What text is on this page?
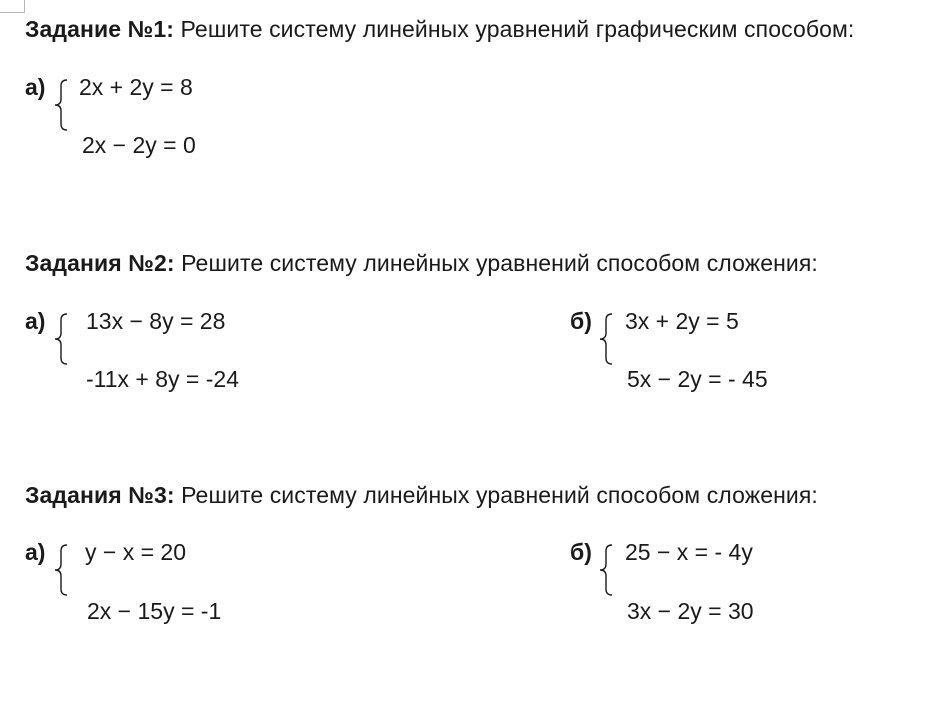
Задание №1: Решите систему линейных уравнений графическим способом:
а) 2x + 2y = 8
2x − 2y = 0
Задания №2: Решите систему линейных уравнений способом сложения:
а) 13x − 8y = 28
-11x + 8y = -24
б) 3x + 2y = 5
5x − 2y = - 45
Задания №3: Решите систему линейных уравнений способом сложения:
а) y − x = 20
2x − 15y = -1
б) 25 − x = - 4y
3x − 2y = 30
